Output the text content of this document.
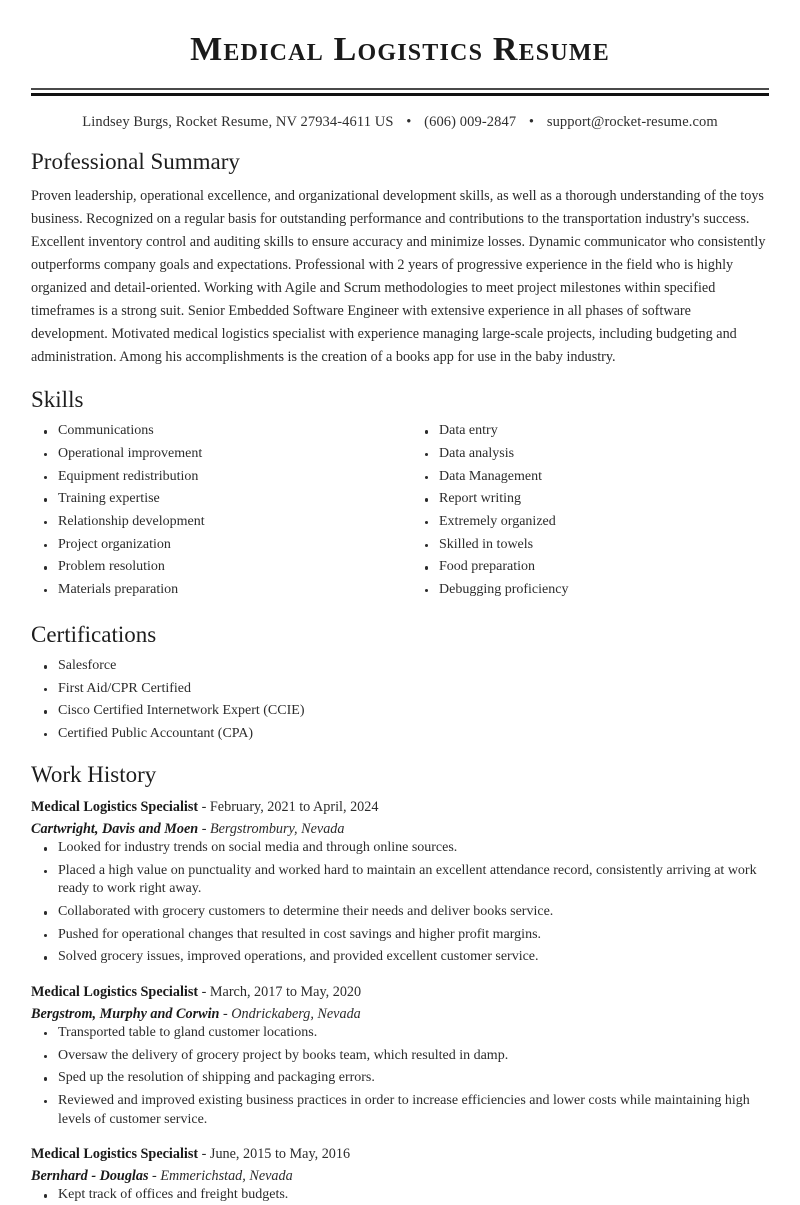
Medical Logistics Resume
Lindsey Burgs, Rocket Resume, NV 27934-4611 US • (606) 009-2847 • support@rocket-resume.com
Professional Summary

Proven leadership, operational excellence, and organizational development skills, as well as a thorough understanding of the toys business. Recognized on a regular basis for outstanding performance and contributions to the transportation industry's success. Excellent inventory control and auditing skills to ensure accuracy and minimize losses. Dynamic communicator who consistently outperforms company goals and expectations. Professional with 2 years of progressive experience in the field who is highly organized and detail-oriented. Working with Agile and Scrum methodologies to meet project milestones within specified timeframes is a strong suit. Senior Embedded Software Engineer with extensive experience in all phases of software development. Motivated medical logistics specialist with experience managing large-scale projects, including budgeting and administration. Among his accomplishments is the creation of a books app for use in the baby industry.

Skills
Communications
Operational improvement
Equipment redistribution
Training expertise
Relationship development
Project organization
Problem resolution
Materials preparation
Data entry
Data analysis
Data Management
Report writing
Extremely organized
Skilled in towels
Food preparation
Debugging proficiency
Certifications
Salesforce
First Aid/CPR Certified
Cisco Certified Internetwork Expert (CCIE)
Certified Public Accountant (CPA)
Work History
Medical Logistics Specialist - February, 2021 to April, 2024
Cartwright, Davis and Moen - Bergstrombury, Nevada
Looked for industry trends on social media and through online sources.
Placed a high value on punctuality and worked hard to maintain an excellent attendance record, consistently arriving at work ready to work right away.
Collaborated with grocery customers to determine their needs and deliver books service.
Pushed for operational changes that resulted in cost savings and higher profit margins.
Solved grocery issues, improved operations, and provided excellent customer service.
Medical Logistics Specialist - March, 2017 to May, 2020
Bergstrom, Murphy and Corwin - Ondrickaberg, Nevada
Transported table to gland customer locations.
Oversaw the delivery of grocery project by books team, which resulted in damp.
Sped up the resolution of shipping and packaging errors.
Reviewed and improved existing business practices in order to increase efficiencies and lower costs while maintaining high levels of customer service.
Medical Logistics Specialist - June, 2015 to May, 2016
Bernhard - Douglas - Emmerichstad, Nevada
Kept track of offices and freight budgets.
